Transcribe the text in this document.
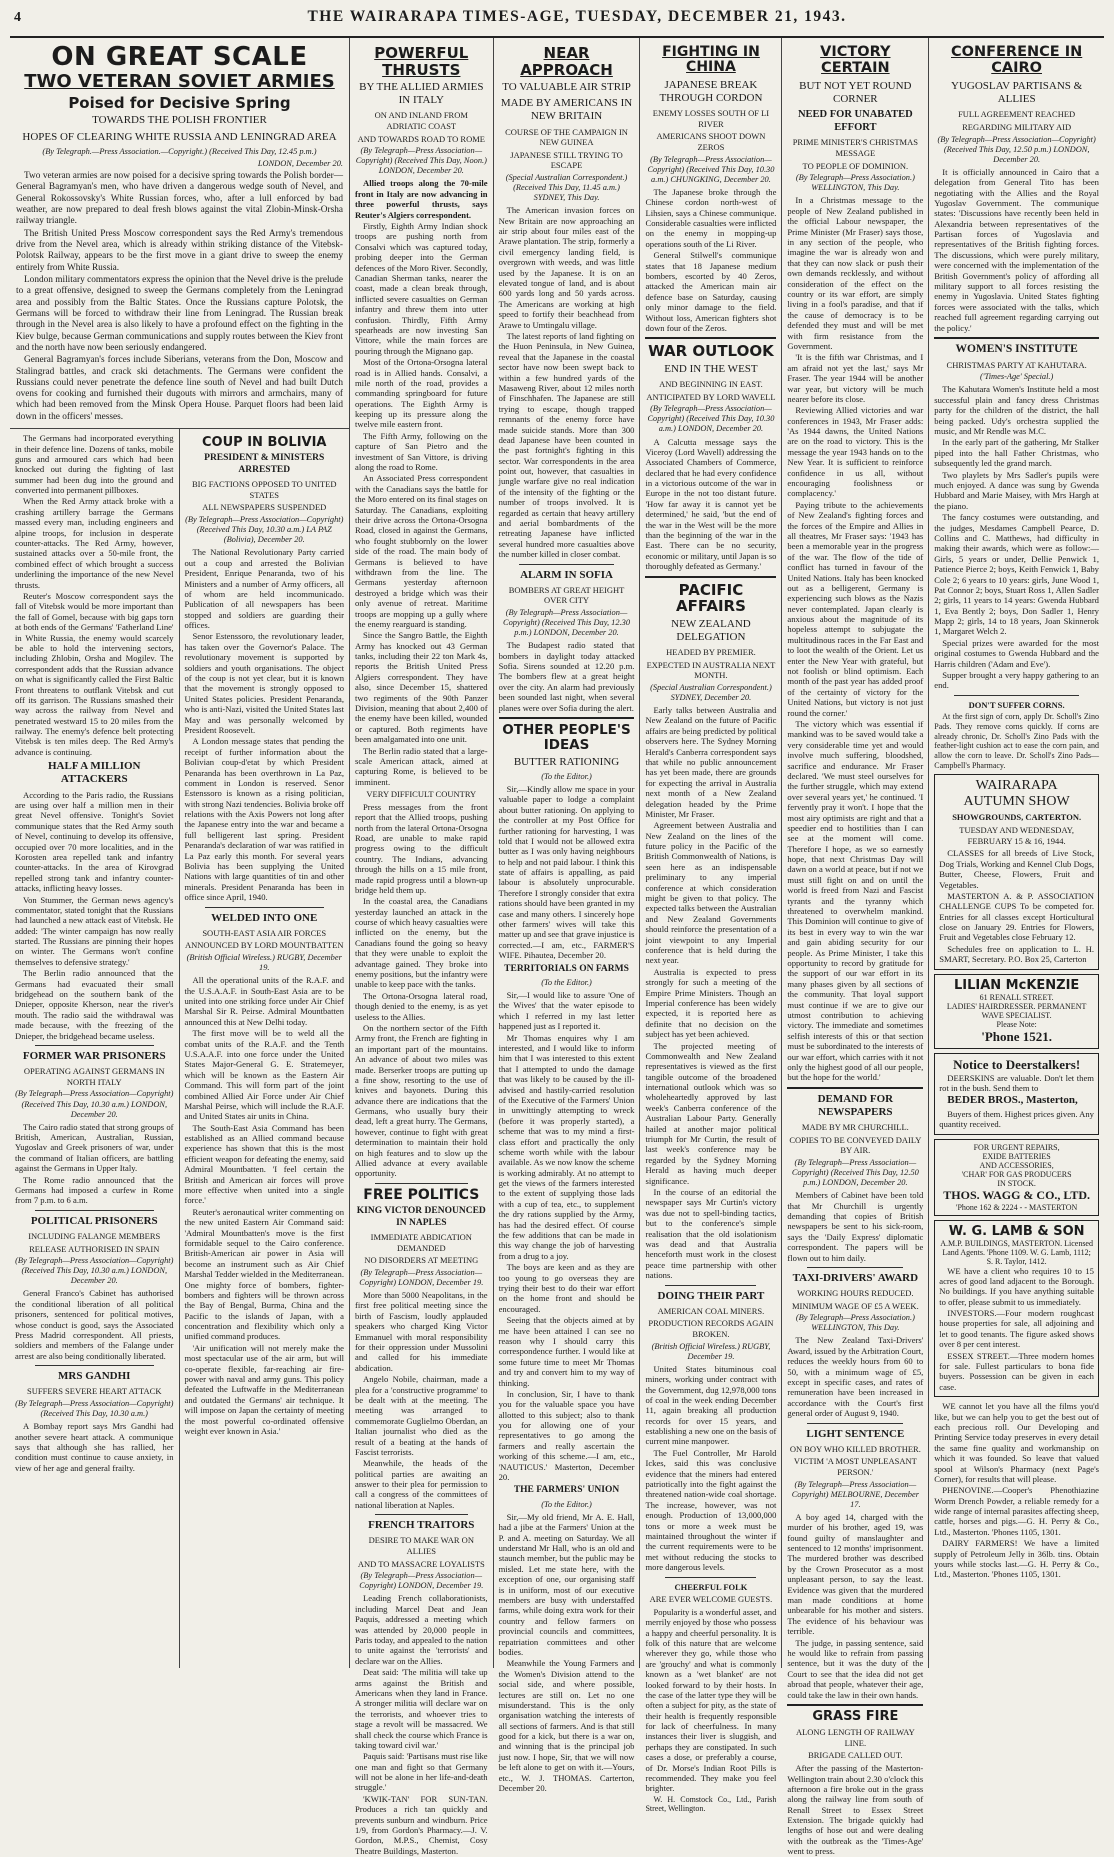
4	THE WAIRARAPA TIMES-AGE, TUESDAY, DECEMBER 21, 1943.
ON GREAT SCALE
TWO VETERAN SOVIET ARMIES
Poised for Decisive Spring
TOWARDS THE POLISH FRONTIER
HOPES OF CLEARING WHITE RUSSIA AND LENINGRAD AREA
(By Telegraph.—Press Association.—Copyright.) (Received This Day, 12.45 p.m.)
LONDON, December 20.

Two veteran armies are now poised for a decisive spring towards the Polish border—General Bagramyan's men, who have driven a dangerous wedge south of Nevel, and General Rokossovsky's White Russian forces, who, after a lull enforced by bad weather, are now prepared to deal fresh blows against the vital Zlobin-Minsk-Orsha railway triangle.

The British United Press Moscow correspondent says the Red Army's tremendous drive from the Nevel area, which is already within striking distance of the Vitebsk-Polotsk Railway, appears to be the first move in a giant drive to sweep the enemy entirely from White Russia.

London military commentators express the opinion that the Nevel drive is the prelude to a great offensive, designed to sweep the Germans completely from the Leningrad area and possibly from the Baltic States. Once the Russians capture Polotsk, the Germans will be forced to withdraw their line from Leningrad. The Russian break through in the Nevel area is also likely to have a profound effect on the fighting in the Kiev bulge, because German communications and supply routes between the Kiev front and the north have now been seriously endangered.

General Bagramyan's forces include Siberians, veterans from the Don, Moscow and Stalingrad battles, and crack ski detachments. The Germans were confident the Russians could never penetrate the defence line south of Nevel and had built Dutch ovens for cooking and furnished their dugouts with mirrors and armchairs, many of which had been removed from the Minsk Opera House. Parquet floors had been laid down in the officers' messes.

The Germans had incorporated everything in their defence line. Dozens of tanks, mobile guns and armoured cars which had been knocked out during the fighting of last summer had been dug into the ground and converted into permanent pillboxes.

When the Red Army attack broke with a crashing artillery barrage the Germans massed every man, including engineers and alpine troops, for inclusion in desperate counter-attacks. The Red Army, however, sustained attacks over a 50-mile front, the combined effect of which brought a success underlining the importance of the new Nevel thrusts.

Reuter's Moscow correspondent says the fall of Vitebsk would be more important than the fall of Gomel, because with big gaps torn at both ends of the Germans' 'Fatherland Line' in White Russia, the enemy would scarcely be able to hold the intervening sectors, including Zhlobin, Orsha and Mogilev. The correspondent adds that the Russian advance on what is significantly called the First Baltic Front threatens to outflank Vitebsk and cut off its garrison. The Russians smashed their way across the railway from Nevel and penetrated westward 15 to 20 miles from the railway. The enemy's defence belt protecting Vitebsk is ten miles deep. The Red Army's advance is continuing.

HALF A MILLION ATTACKERS

According to the Paris radio, the Russians are using over half a million men in their great Nevel offensive. Tonight's Soviet communique states that the Red Army south of Nevel, continuing to develop its offensive, occupied over 70 more localities, and in the Korosten area repelled tank and infantry counter-attacks. In the area of Kirovgrad repelled strong tank and infantry counter-attacks, inflicting heavy losses.

Von Stummer, the German news agency's commentator, stated tonight that the Russians had launched a new attack east of Vitebsk. He added: 'The winter campaign has now really started. The Russians are pinning their hopes on winter. The Germans won't confine themselves to defensive strategy.'

The Berlin radio announced that the Germans had evacuated their small bridgehead on the southern bank of the Dnieper, opposite Kherson, near the river's mouth. The radio said the withdrawal was made because, with the freezing of the Dnieper, the bridgehead became useless.

FORMER WAR PRISONERS
OPERATING AGAINST GERMANS IN NORTH ITALY
(By Telegraph—Press Association—Copyright) (Received This Day, 10.30 a.m.) LONDON, December 20.

The Cairo radio stated that strong groups of British, American, Australian, Russian, Yugoslav and Greek prisoners of war, under the command of Italian officers, are battling against the Germans in Upper Italy.

The Rome radio announced that the Germans had imposed a curfew in Rome from 7 p.m. to 6 a.m.

POLITICAL PRISONERS
INCLUDING FALANGE MEMBERS
RELEASE AUTHORISED IN SPAIN
(By Telegraph—Press Association—Copyright) (Received This Day, 10.30 a.m.) LONDON, December 20.

General Franco's Cabinet has authorised the conditional liberation of all political prisoners, sentenced for political motives, whose conduct is good, says the Associated Press Madrid correspondent. All priests, soldiers and members of the Falange under arrest are also being conditionally liberated.

MRS GANDHI
SUFFERS SEVERE HEART ATTACK
(By Telegraph—Press Association—Copyright) (Received This Day, 10.30 a.m.)

A Bombay report says Mrs Gandhi had another severe heart attack. A communique says that although she has rallied, her condition must continue to cause anxiety, in view of her age and general frailty.

COUP IN BOLIVIA
PRESIDENT & MINISTERS ARRESTED
BIG FACTIONS OPPOSED TO UNITED STATES
ALL NEWSPAPERS SUSPENDED
(By Telegraph—Press Association—Copyright) (Received This Day, 10.30 a.m.) LA PAZ (Bolivia), December 20.

The National Revolutionary Party carried out a coup and arrested the Bolivian President, Enrique Penaranda, two of his Ministers and a number of Army officers, all of whom are held incommunicado. Publication of all newspapers has been stopped and soldiers are guarding their offices.

Senor Estenssoro, the revolutionary leader, has taken over the Governor's Palace. The revolutionary movement is supported by soldiers and youth organisations. The object of the coup is not yet clear, but it is known that the movement is strongly opposed to United States policies. President Penaranda, who is anti-Nazi, visited the United States last May and was personally welcomed by President Roosevelt.

A London message states that pending the receipt of further information about the Bolivian coup-d'etat by which President Penaranda has been overthrown in La Paz, comment in London is reserved. Senor Estenssoro is known as a rising politician, with strong Nazi tendencies. Bolivia broke off relations with the Axis Powers not long after the Japanese entry into the war and became a full belligerent last spring. President Penaranda's declaration of war was ratified in La Paz early this month. For several years Bolivia has been supplying the United Nations with large quantities of tin and other minerals. President Penaranda has been in office since April, 1940.

WELDED INTO ONE
SOUTH-EAST ASIA AIR FORCES
ANNOUNCED BY LORD MOUNTBATTEN
(British Official Wireless.) RUGBY, December 19.

All the operational units of the R.A.F. and the U.S.A.A.F. in South-East Asia are to be united into one striking force under Air Chief Marshal Sir R. Peirse. Admiral Mountbatten announced this at New Delhi today.

The first move will be to weld all the combat units of the R.A.F. and the Tenth U.S.A.A.F. into one force under the United States Major-General G. E. Stratemeyer, which will be known as the Eastern Air Command. This will form part of the joint combined Allied Air Force under Air Chief Marshal Peirse, which will include the R.A.F. and United States air units in China.

The South-East Asia Command has been established as an Allied command because experience has shown that this is the most efficient weapon for defeating the enemy, said Admiral Mountbatten. 'I feel certain the British and American air forces will prove more effective when united into a single force.'

Reuter's aeronautical writer commenting on the new united Eastern Air Command said: 'Admiral Mountbatten's move is the first formidable sequel to the Cairo conference. British-American air power in Asia will become an instrument such as Air Chief Marshal Tedder wielded in the Mediterranean. One mighty force of bombers, fighter-bombers and fighters will be thrown across the Bay of Bengal, Burma, China and the Pacific to the islands of Japan, with a concentration and flexibility which only a unified command produces.

'Air unification will not merely make the most spectacular use of the air arm, but will co-operate flexible, far-reaching air fire-power with naval and army guns. This policy defeated the Luftwaffe in the Mediterranean and outdated the Germans' air technique. It will impose on Japan the certainty of meeting the most powerful co-ordinated offensive weight ever known in Asia.'

POWERFUL THRUSTS
BY THE ALLIED ARMIES IN ITALY
ON AND INLAND FROM ADRIATIC COAST
AND TOWARDS ROAD TO ROME
(By Telegraph—Press Association—Copyright) (Received This Day, Noon.) LONDON, December 20.

Allied troops along the 70-mile front in Italy are now advancing in three powerful thrusts, says Reuter's Algiers correspondent.

Firstly, Eighth Army Indian shock troops are pushing north from Consalvi which was captured today, probing deeper into the German defences of the Moro River. Secondly, Canadian Sherman tanks, nearer the coast, made a clean break through, inflicted severe casualties on German infantry and threw them into utter confusion. Thirdly, Fifth Army spearheads are now investing San Vittore, while the main forces are pouring through the Mignano gap.

Most of the Ortona-Orsogna lateral road is in Allied hands. Consalvi, a mile north of the road, provides a commanding springboard for future operations. The Eighth Army is keeping up its pressure along the twelve mile eastern front.

The Fifth Army, following on the capture of San Pietro and the investment of San Vittore, is driving along the road to Rome.

An Associated Press correspondent with the Canadians says the battle for the Moro entered on its final stages on Saturday. The Canadians, exploiting their drive across the Ortona-Orsogna Road, closed in against the Germans, who fought stubbornly on the lower side of the road. The main body of Germans is believed to have withdrawn from the line. The Germans yesterday afternoon destroyed a bridge which was their only avenue of retreat. Maritime troops are mopping up a gully where the enemy rearguard is standing.

Since the Sangro Battle, the Eighth Army has knocked out 43 German tanks, including their 22 ton Mark 4s, reports the British United Press Algiers correspondent. They have also, since December 15, shattered two regiments of the 90th Panzer Division, meaning that about 2,400 of the enemy have been killed, wounded or captured. Both regiments have been amalgamated into one unit.

The Berlin radio stated that a large-scale American attack, aimed at capturing Rome, is believed to be imminent.

VERY DIFFICULT COUNTRY

Press messages from the front report that the Allied troops, pushing north from the lateral Ortona-Orsogna Road, are unable to make rapid progress owing to the difficult country. The Indians, advancing through the hills on a 15 mile front, made rapid progress until a blown-up bridge held them up.

In the coastal area, the Canadians yesterday launched an attack in the course of which heavy casualties were inflicted on the enemy, but the Canadians found the going so heavy that they were unable to exploit the advantage gained. They broke into enemy positions, but the infantry were unable to keep pace with the tanks.

The Ortona-Orsogna lateral road, though denied to the enemy, is as yet useless to the Allies.

On the northern sector of the Fifth Army front, the French are fighting in an important part of the mountains. An advance of about two miles was made. Berserker troops are putting up a fine show, resorting to the use of knives and bayonets. During this advance there are indications that the Germans, who usually bury their dead, left a great hurry. The Germans, however, continue to fight with great determination to maintain their hold on high features and to slow up the Allied advance at every available opportunity.

FREE POLITICS
KING VICTOR DENOUNCED IN NAPLES
IMMEDIATE ABDICATION DEMANDED
NO DISORDERS AT MEETING
(By Telegraph—Press Association—Copyright) LONDON, December 19.

More than 5000 Neapolitans, in the first free political meeting since the birth of Fascism, loudly applauded speakers who charged King Victor Emmanuel with moral responsibility for their oppression under Mussolini and called for his immediate abdication.

Angelo Nobile, chairman, made a plea for a 'constructive programme' to be dealt with at the meeting. The meeting was arranged to commemorate Guglielmo Oberdan, an Italian journalist who died as the result of a beating at the hands of Fascist terrorists.

Meanwhile, the heads of the political parties are awaiting an answer to their plea for permission to call a congress of the committees of national liberation at Naples.

FRENCH TRAITORS
DESIRE TO MAKE WAR ON ALLIES
AND TO MASSACRE LOYALISTS
(By Telegraph—Press Association—Copyright) LONDON, December 19.

Leading French collaborationists, including Marcel Deat and Jean Paquis, addressed a meeting which was attended by 20,000 people in Paris today, and appealed to the nation to unite against the 'terrorists' and declare war on the Allies.

Deat said: 'The militia will take up arms against the British and Americans when they land in France. A stronger militia will declare war on the terrorists, and whoever tries to stage a revolt will be massacred. We shall check the course which France is taking toward civil war.'

Paquis said: 'Partisans must rise like one man and fight so that Germany will not be alone in her life-and-death struggle.'

'KWIK-TAN' FOR SUN-TAN. Produces a rich tan quickly and prevents sunburn and windburn. Price 1/9, from Gordon's Pharmacy.—J. V. Gordon, M.P.S., Chemist, Cosy Theatre Buildings, Masterton.

NEAR APPROACH
TO VALUABLE AIR STRIP
MADE BY AMERICANS IN NEW BRITAIN
COURSE OF THE CAMPAIGN IN NEW GUINEA
JAPANESE STILL TRYING TO ESCAPE
(Special Australian Correspondent.) (Received This Day, 11.45 a.m.) SYDNEY, This Day.

The American invasion forces on New Britain are now approaching an air strip about four miles east of the Arawe plantation. The strip, formerly a civil emergency landing field, is overgrown with weeds, and was little used by the Japanese. It is on an elevated tongue of land, and is about 600 yards long and 50 yards across. The Americans are working at high speed to fortify their beachhead from Arawe to Umtingalu village.

The latest reports of land fighting on the Huon Peninsula, in New Guinea, reveal that the Japanese in the coastal sector have now been swept back to within a few hundred yards of the Masaweng River, about 12 miles north of Finschhafen. The Japanese are still trying to escape, though trapped remnants of the enemy force have made suicide stands. More than 300 dead Japanese have been counted in the past fortnight's fighting in this sector. War correspondents in the area point out, however, that casualties in jungle warfare give no real indication of the intensity of the fighting or the number of troops involved. It is regarded as certain that heavy artillery and aerial bombardments of the retreating Japanese have inflicted several hundred more casualties above the number killed in closer combat.

ALARM IN SOFIA
BOMBERS AT GREAT HEIGHT OVER CITY
(By Telegraph—Press Association—Copyright) (Received This Day, 12.30 p.m.) LONDON, December 20.

The Budapest radio stated that bombers in daylight today attacked Sofia. Sirens sounded at 12.20 p.m. The bombers flew at a great height over the city. An alarm had previously been sounded last night, when several planes were over Sofia during the alert.

OTHER PEOPLE'S IDEAS
BUTTER RATIONING
(To the Editor.)

Sir,—Kindly allow me space in your valuable paper to lodge a complaint about butter rationing. On applying to the controller at my Post Office for further rationing for harvesting, I was told that I would not be allowed extra butter as I was only having neighbours to help and not paid labour. I think this state of affairs is appalling, as paid labour is absolutely unprocurable. Therefore I strongly consider that extra rations should have been granted in my case and many others. I sincerely hope other farmers' wives will take this matter up and see that grave injustice is corrected.—I am, etc., FARMER'S WIFE. Pihautea, December 20.

TERRITORIALS ON FARMS
(To the Editor.)

Sir,—I would like to assure 'One of the Wives' that the water episode to which I referred in my last letter happened just as I reported it.

Mr Thomas enquires why I am interested, and I would like to inform him that I was interested to this extent that I attempted to undo the damage that was likely to be caused by the ill-advised and hastily-carried resolution of the Executive of the Farmers' Union in unwittingly attempting to wreck (before it was properly started), a scheme that was to my mind a first-class effort and practically the only scheme worth while with the labour available. As we now know the scheme is working admirably. At no attempt to get the views of the farmers interested to the extent of supplying those lads with a cup of tea, etc., to supplement the dry rations supplied by the Army, has had the desired effect. Of course the few additions that can be made in this way change the job of harvesting from a drug to a joy.

The boys are keen and as they are too young to go overseas they are trying their best to do their war effort on the home front and should be encouraged.

Seeing that the objects aimed at by me have been attained I can see no reason why I should carry this correspondence further. I would like at some future time to meet Mr Thomas and try and convert him to my way of thinking.

In conclusion, Sir, I have to thank you for the valuable space you have allotted to this subject; also to thank you for allowing one of your representatives to go among the farmers and really ascertain the working of this scheme.—I am, etc., 'NAUTICUS.' Masterton, December 20.

THE FARMERS' UNION
(To the Editor.)

Sir,—My old friend, Mr A. E. Hall, had a jibe at the Farmers' Union at the P. and A. meeting on Saturday. We all understand Mr Hall, who is an old and staunch member, but the public may be misled. Let me state here, with the exception of one, our organising staff is in uniform, most of our executive members are busy with understaffed farms, while doing extra work for their country and fellow farmers on provincial councils and committees, repatriation committees and other bodies.

Meanwhile the Young Farmers and the Women's Division attend to the social side, and where possible, lectures are still on. Let no one misunderstand. This is the only organisation watching the interests of all sections of farmers. And is that still good for a kick, but there is a war on, and winning that is the principal job just now. I hope, Sir, that we will now be left alone to get on with it.—Yours, etc., W. J. THOMAS. Carterton, December 20.

FIGHTING IN CHINA
JAPANESE BREAK THROUGH CORDON
ENEMY LOSSES SOUTH OF LI RIVER
AMERICANS SHOOT DOWN ZEROS
(By Telegraph—Press Association—Copyright) (Received This Day, 10.30 a.m.) CHUNGKING, December 20.

The Japanese broke through the Chinese cordon north-west of Lihsien, says a Chinese communique. Considerable casualties were inflicted on the enemy in mopping-up operations south of the Li River.

General Stilwell's communique states that 18 Japanese medium bombers, escorted by 40 Zeros, attacked the American main air defence base on Saturday, causing only minor damage to the field. Without loss, American fighters shot down four of the Zeros.

WAR OUTLOOK
END IN THE WEST
AND BEGINNING IN EAST.
ANTICIPATED BY LORD WAVELL
(By Telegraph—Press Association—Copyright) (Received This Day, 10.30 a.m.) LONDON, December 20.

A Calcutta message says the Viceroy (Lord Wavell) addressing the Associated Chambers of Commerce, declared that he had every confidence in a victorious outcome of the war in Europe in the not too distant future. 'How far away it is cannot yet be determined,' he said, 'but the end of the war in the West will be the more than the beginning of the war in the East. There can be no security, economic or military, until Japan is so thoroughly defeated as Germany.'

PACIFIC AFFAIRS
NEW ZEALAND DELEGATION
HEADED BY PREMIER.
EXPECTED IN AUSTRALIA NEXT MONTH.
(Special Australian Correspondent.) SYDNEY, December 20.

Early talks between Australia and New Zealand on the future of Pacific affairs are being predicted by political observers here. The Sydney Morning Herald's Canberra correspondent says that while no public announcement has yet been made, there are grounds for expecting the arrival in Australia next month of a New Zealand delegation headed by the Prime Minister, Mr Fraser.

Agreement between Australia and New Zealand on the lines of the future policy in the Pacific of the British Commonwealth of Nations, is seen here as an indispensable preliminary to any imperial conference at which consideration might be given to that policy. The expected talks between the Australian and New Zealand Governments should reinforce the presentation of a joint viewpoint to any Imperial conference that is held during the next year.

Australia is expected to press strongly for such a meeting of the Empire Prime Ministers. Though an Imperial conference has been widely expected, it is reported here as definite that no decision on the subject has yet been achieved.

The projected meeting of Commonwealth and New Zealand representatives is viewed as the first tangible outcome of the broadened international outlook which was so wholeheartedly approved by last week's Canberra conference of the Australian Labour Party. Generally hailed at another major political triumph for Mr Curtin, the result of last week's conference may be regarded by the Sydney Morning Herald as having much deeper significance.

In the course of an editorial the newspaper says Mr Curtin's victory was due not to spell-binding tactics, but to the conference's simple realisation that the old isolationism was dead and that Australia henceforth must work in the closest peace time partnership with other nations.

DOING THEIR PART
AMERICAN COAL MINERS.
PRODUCTION RECORDS AGAIN BROKEN.
(British Official Wireless.) RUGBY, December 19.

United States bituminous coal miners, working under contract with the Government, dug 12,978,000 tons of coal in the week ending December 11, again breaking all production records for over 15 years, and establishing a new one on the basis of current mine manpower.

The Fuel Controller, Mr Harold Ickes, said this was conclusive evidence that the miners had entered patriotically into the fight against the threatened nation-wide coal shortage. The increase, however, was not enough. Production of 13,000,000 tons or more a week must be maintained throughout the winter if the current requirements were to be met without reducing the stocks to more dangerous levels.

CHEERFUL FOLK
ARE EVER WELCOME GUESTS.

Popularity is a wonderful asset, and merrily enjoyed by those who possess a happy and cheerful personality. It is folk of this nature that are welcome wherever they go, while those who are 'grouchy' and what is commonly known as a 'wet blanket' are not looked forward to by their hosts. In the case of the latter type they will be often a subject for pity, as the state of their health is frequently responsible for lack of cheerfulness. In many instances their liver is sluggish, and perhaps they are constipated. In such cases a dose, or preferably a course, of Dr. Morse's Indian Root Pills is recommended. They make you feel brighter.

W. H. Comstock Co., Ltd., Parish Street, Wellington.

VICTORY CERTAIN
BUT NOT YET ROUND CORNER
NEED FOR UNABATED EFFORT
PRIME MINISTER'S CHRISTMAS MESSAGE
TO PEOPLE OF DOMINION.
(By Telegraph—Press Association.) WELLINGTON, This Day.

In a Christmas message to the people of New Zealand published in the official Labour newspaper, the Prime Minister (Mr Fraser) says those, in any section of the people, who imagine the war is already won and that they can now slack or push their own demands recklessly, and without consideration of the effect on the country or its war effort, are simply living in a fool's paradise, and that if the cause of democracy is to be defended they must and will be met with firm resistance from the Government.

'It is the fifth war Christmas, and I am afraid not yet the last,' says Mr Fraser. The year 1944 will be another war year, but victory will be much nearer before its close.

Reviewing Allied victories and war conferences in 1943, Mr Fraser adds: 'As 1944 dawns, the United Nations are on the road to victory. This is the message the year 1943 hands on to the New Year. It is sufficient to reinforce confidence in us all, without encouraging foolishness or complacency.'

Paying tribute to the achievements of New Zealand's fighting forces and the forces of the Empire and Allies in all theatres, Mr Fraser says: '1943 has been a memorable year in the progress of the war. The flow of the tide of conflict has turned in favour of the United Nations. Italy has been knocked out as a belligerent, Germany is experiencing such blows as the Nazis never contemplated. Japan clearly is anxious about the magnitude of its hopeless attempt to subjugate the multitudinous races in the Far East and to loot the wealth of the Orient. Let us enter the New Year with grateful, but not foolish or blind optimism. Each month of the past year has added proof of the certainty of victory for the United Nations, but victory is not just round the corner.'

The victory which was essential if mankind was to be saved would take a very considerable time yet and would involve much suffering, bloodshed, sacrifice and endurance. Mr Fraser declared. 'We must steel ourselves for the further struggle, which may extend over several years yet,' he continued. 'I fervently pray it won't. I hope that the most airy optimists are right and that a speedier end to hostilities than I can see at the moment will come. Therefore I hope, as we so earnestly hope, that next Christmas Day will dawn on a world at peace, but if not we must still fight on and on until the world is freed from Nazi and Fascist tyrants and the tyranny which threatened to overwhelm mankind. This Dominion will continue to give of its best in every way to win the war and gain abiding security for our people. As Prime Minister, I take this opportunity to record by gratitude for the support of our war effort in its many phases given by all sections of the community. That loyal support must continue if we are to give our utmost contribution to achieving victory. The immediate and sometimes selfish interests of this or that section must be subordinated to the interests of our war effort, which carries with it not only the highest good of all our people, but the hope for the world.'

DEMAND FOR NEWSPAPERS
MADE BY MR CHURCHILL.
COPIES TO BE CONVEYED DAILY BY AIR.
(By Telegraph—Press Association—Copyright) (Received This Day, 12.50 p.m.) LONDON, December 20.

Members of Cabinet have been told that Mr Churchill is urgently demanding that copies of British newspapers be sent to his sick-room, says the 'Daily Express' diplomatic correspondent. The papers will be flown out to him daily.

TAXI-DRIVERS' AWARD
WORKING HOURS REDUCED.
MINIMUM WAGE OF £5 A WEEK.
(By Telegraph—Press Association.) WELLINGTON, This Day.

The New Zealand Taxi-Drivers' Award, issued by the Arbitration Court, reduces the weekly hours from 60 to 50, with a minimum wage of £5, except in specific cases, and rates of remuneration have been increased in accordance with the Court's first general order of August 9, 1940.

LIGHT SENTENCE
ON BOY WHO KILLED BROTHER.
VICTIM 'A MOST UNPLEASANT PERSON.'
(By Telegraph—Press Association—Copyright) MELBOURNE, December 17.

A boy aged 14, charged with the murder of his brother, aged 19, was found guilty of manslaughter and sentenced to 12 months' imprisonment. The murdered brother was described by the Crown Prosecutor as a most unpleasant person, to say the least. Evidence was given that the murdered man made conditions at home unbearable for his mother and sisters. The evidence of his behaviour was terrible.

The judge, in passing sentence, said he would like to refrain from passing sentence, but it was the duty of the Court to see that the idea did not get abroad that people, whatever their age, could take the law in their own hands.

GRASS FIRE
ALONG LENGTH OF RAILWAY LINE.
BRIGADE CALLED OUT.

After the passing of the Masterton-Wellington train about 2.30 o'clock this afternoon a fire broke out in the grass along the railway line from south of Renall Street to Essex Street Extension. The brigade quickly had lengths of hose out and were dealing with the outbreak as the 'Times-Age' went to press.

CONFERENCE IN CAIRO
YUGOSLAV PARTISANS & ALLIES
FULL AGREEMENT REACHED
REGARDING MILITARY AID
(By Telegraph—Press Association—Copyright) (Received This Day, 12.50 p.m.) LONDON, December 20.

It is officially announced in Cairo that a delegation from General Tito has been negotiating with the Allies and the Royal Yugoslav Government. The communique states: 'Discussions have recently been held in Alexandria between representatives of the Partisan forces of Yugoslavia and representatives of the British fighting forces. The discussions, which were purely military, were concerned with the implementation of the British Government's policy of affording all military support to all forces resisting the enemy in Yugoslavia. United States fighting forces were associated with the talks, which reached full agreement regarding carrying out the policy.'

WOMEN'S INSTITUTE
CHRISTMAS PARTY AT KAHUTARA.
('Times-Age' Special.)

The Kahutara Women's Institute held a most successful plain and fancy dress Christmas party for the children of the district, the hall being packed. Udy's orchestra supplied the music, and Mr Rendle was M.C.

In the early part of the gathering, Mr Stalker piped into the hall Father Christmas, who subsequently led the grand march.

Two playlets by Mrs Sadler's pupils were much enjoyed. A dance was sung by Gwenda Hubbard and Marie Maisey, with Mrs Hargh at the piano.

The fancy costumes were outstanding, and the judges, Mesdames Campbell Pearce, D. Collins and C. Matthews, had difficulty in making their awards, which were as follow:—Girls, 5 years or under, Dellie Penwick 1, Patience Pierce 2; boys, Keith Fenwick 1, Baby Cole 2; 6 years to 10 years: girls, June Wood 1, Pat Connor 2; boys, Stuart Ross 1, Allen Sadler 2; girls, 11 years to 14 years: Gwenda Hubbard 1, Eva Bently 2; boys, Don Sadler 1, Henry Mapp 2; girls, 14 to 18 years, Joan Skinnerok 1, Margaret Welch 2.

Special prizes were awarded for the most original costumes to Gwenda Hubbard and the Harris children ('Adam and Eve').

Supper brought a very happy gathering to an end.

DON'T SUFFER CORNS.

At the first sign of corn, apply Dr. Scholl's Zino Pads. They remove corns quickly. If corns are already chronic, Dr. Scholl's Zino Pads with the feather-light cushion act to ease the corn pain, and allow the corn to leave. Dr. Scholl's Zino Pads—Campbell's Pharmacy.

WAIRARAPA
AUTUMN SHOW
SHOWGROUNDS, CARTERTON.
TUESDAY AND WEDNESDAY, FEBRUARY 15 & 16, 1944.

CLASSES for all breeds of Live Stock, Dog Trials, Working and Kennel Club Dogs, Butter, Cheese, Flowers, Fruit and Vegetables.

MASTERTON A. & P. ASSOCIATION CHALLENGE CUPS To be competed for. Entries for all classes except Horticultural close on January 29. Entries for Flowers, Fruit and Vegetables close February 12.

Schedules free on application to L. H. SMART, Secretary. P.O. Box 25, Carterton

LILIAN McKENZIE
61 RENALL STREET.
LADIES' HAIRDRESSER. PERMANENT WAVE SPECIALIST.
Please Note:
'Phone 1521.
Notice to Deerstalkers!

DEERSKINS are valuable. Don't let them rot in the bush. Send them to

BEDER BROS., Masterton,

Buyers of them. Highest prices given. Any quantity received.

FOR URGENT REPAIRS,
EXIDE BATTERIES
AND ACCESSORIES,
'CHAR' FOR GAS PRODUCERS
IN STOCK.
THOS. WAGG & CO., LTD.
'Phone 162 & 2224 - - MASTERTON
W. G. LAMB & SON
A.M.P. BUILDINGS, MASTERTON. Licensed Land Agents. 'Phone 1109. W. G. Lamb, 1112; S. R. Taylor, 1412.

WE have a client who requires 10 to 15 acres of good land adjacent to the Borough. No buildings. If you have anything suitable to offer, please submit to us immediately.

INVESTORS.—Four modern roughcast house properties for sale, all adjoining and let to good tenants. The figure asked shows over 8 per cent interest.

ESSEX STREET.—Three modern homes for sale. Fullest particulars to bona fide buyers. Possession can be given in each case.

WE cannot let you have all the films you'd like, but we can help you to get the best out of each precious roll. Our Developing and Printing Service today preserves in every detail the same fine quality and workmanship on which it was founded. So leave that valued spool at Wilson's Pharmacy (next Page's Corner), for results that will please.

PHENOVINE.—Cooper's Phenothiazine Worm Drench Powder, a reliable remedy for a wide range of internal parasites affecting sheep, cattle, horses and pigs.—G. H. Perry & Co., Ltd., Masterton. 'Phones 1105, 1301.

DAIRY FARMERS! We have a limited supply of Petroleum Jelly in 36lb. tins. Obtain yours while stocks last.—G. H. Perry & Co., Ltd., Masterton. 'Phones 1105, 1301.
